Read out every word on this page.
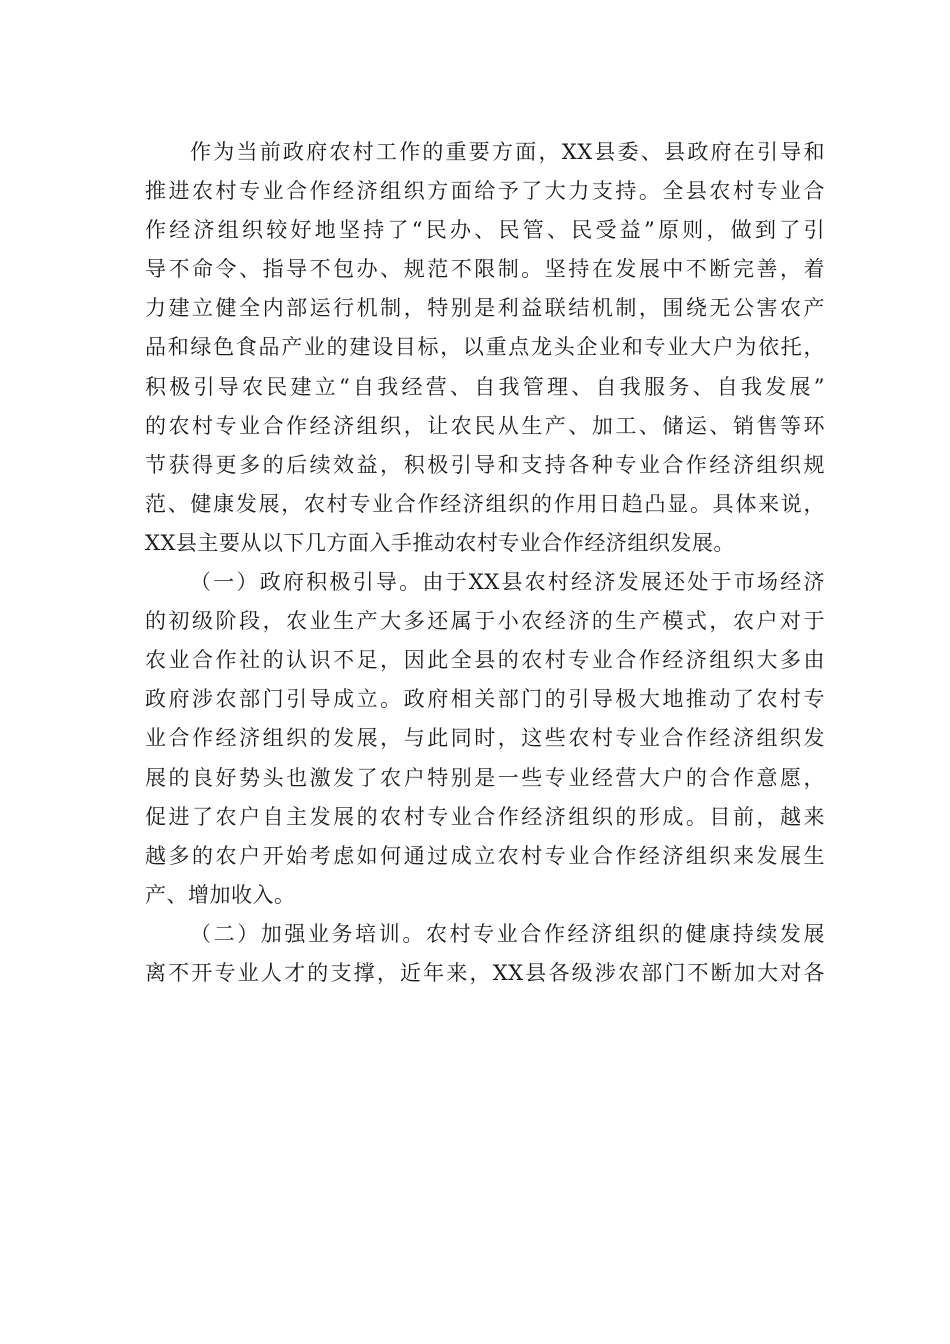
作为当前政府农村工作的重要方面，XX县委、县政府在引导和
推进农村专业合作经济组织方面给予了大力支持。全县农村专业合
作经济组织较好地坚持了“民办、民管、民受益”原则，做到了引
导不命令、指导不包办、规范不限制。坚持在发展中不断完善，着
力建立健全内部运行机制，特别是利益联结机制，围绕无公害农产
品和绿色食品产业的建设目标，以重点龙头企业和专业大户为依托，
积极引导农民建立“自我经营、自我管理、自我服务、自我发展”
的农村专业合作经济组织，让农民从生产、加工、储运、销售等环
节获得更多的后续效益，积极引导和支持各种专业合作经济组织规
范、健康发展，农村专业合作经济组织的作用日趋凸显。具体来说，
XX县主要从以下几方面入手推动农村专业合作经济组织发展。
（一）政府积极引导。由于XX县农村经济发展还处于市场经济
的初级阶段，农业生产大多还属于小农经济的生产模式，农户对于
农业合作社的认识不足，因此全县的农村专业合作经济组织大多由
政府涉农部门引导成立。政府相关部门的引导极大地推动了农村专
业合作经济组织的发展，与此同时，这些农村专业合作经济组织发
展的良好势头也激发了农户特别是一些专业经营大户的合作意愿，
促进了农户自主发展的农村专业合作经济组织的形成。目前，越来
越多的农户开始考虑如何通过成立农村专业合作经济组织来发展生
产、增加收入。
（二）加强业务培训。农村专业合作经济组织的健康持续发展
离不开专业人才的支撑，近年来，XX县各级涉农部门不断加大对各
